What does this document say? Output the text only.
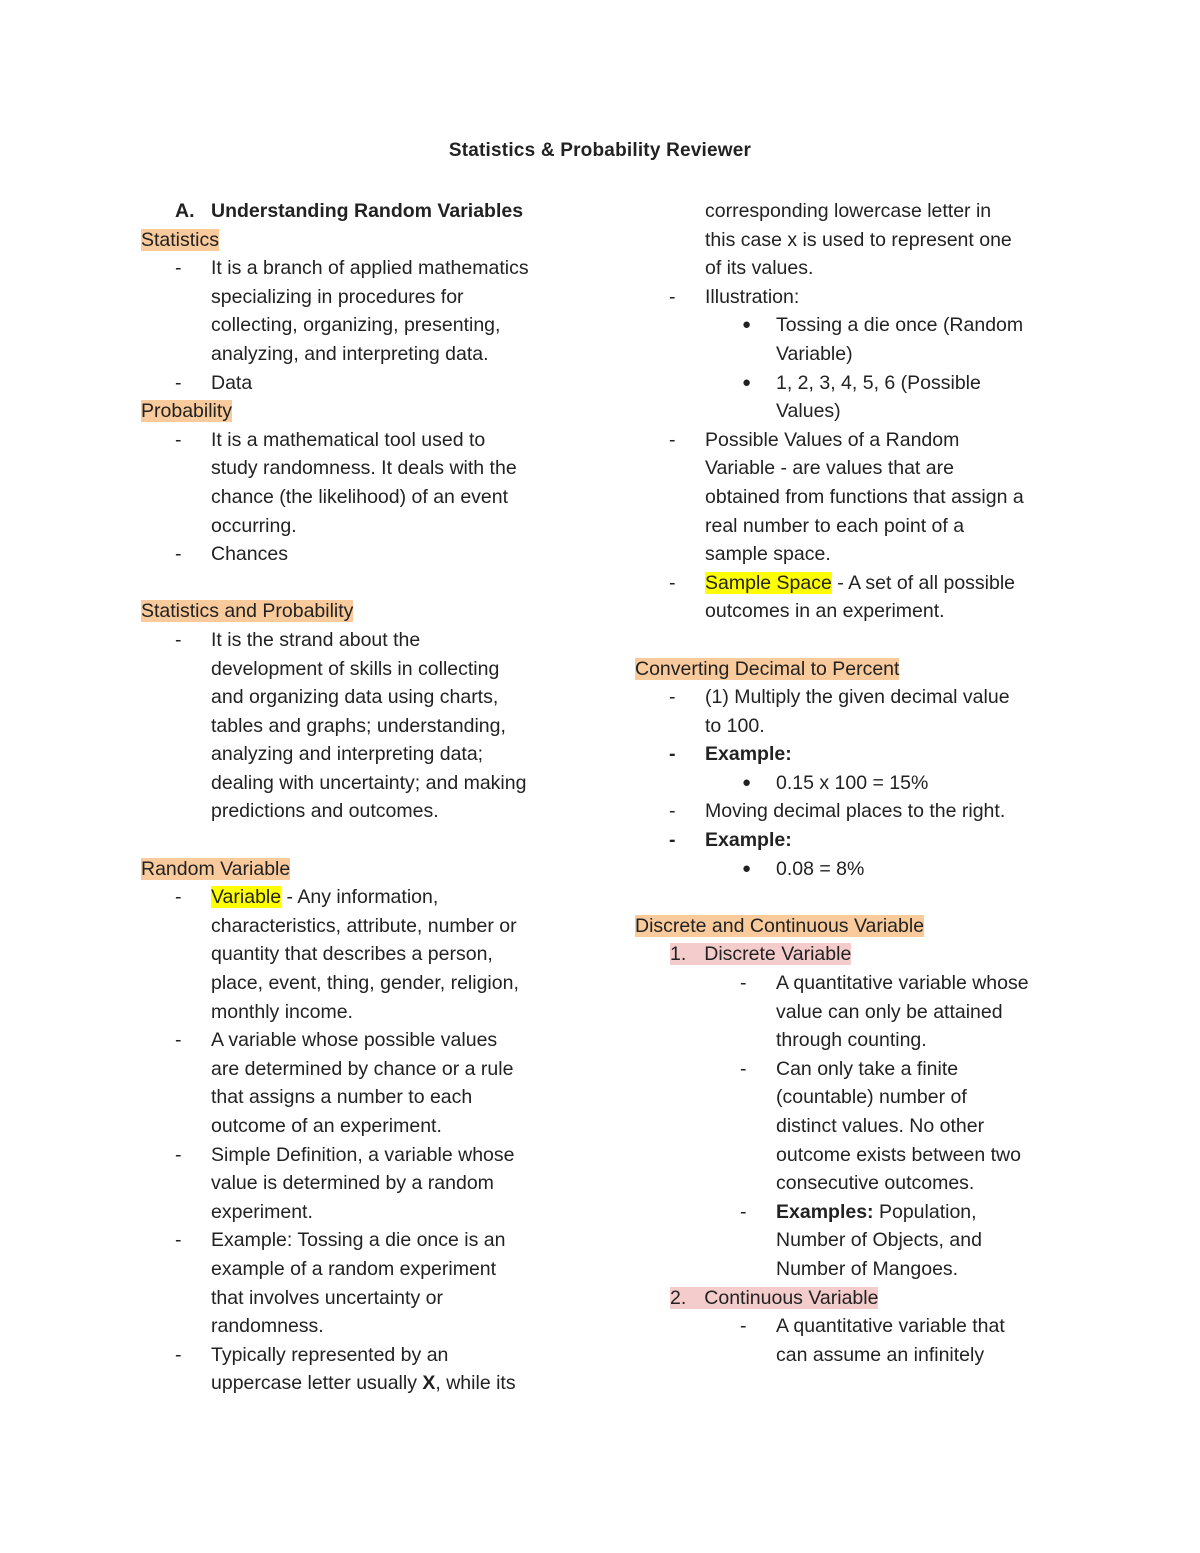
Statistics & Probability Reviewer
A. Understanding Random Variables
Statistics
- It is a branch of applied mathematics
specializing in procedures for
collecting, organizing, presenting,
analyzing, and interpreting data.
- Data
Probability
- It is a mathematical tool used to
study randomness. It deals with the
chance (the likelihood) of an event
occurring.
- Chances
Statistics and Probability
- It is the strand about the
development of skills in collecting
and organizing data using charts,
tables and graphs; understanding,
analyzing and interpreting data;
dealing with uncertainty; and making
predictions and outcomes.
Random Variable
- Variable - Any information,
characteristics, attribute, number or
quantity that describes a person,
place, event, thing, gender, religion,
monthly income.
- A variable whose possible values
are determined by chance or a rule
that assigns a number to each
outcome of an experiment.
- Simple Definition, a variable whose
value is determined by a random
experiment.
- Example: Tossing a die once is an
example of a random experiment
that involves uncertainty or
randomness.
- Typically represented by an
uppercase letter usually X, while its
corresponding lowercase letter in
this case x is used to represent one
of its values.
- Illustration:
● Tossing a die once (Random
Variable)
● 1, 2, 3, 4, 5, 6 (Possible
Values)
- Possible Values of a Random
Variable - are values that are
obtained from functions that assign a
real number to each point of a
sample space.
- Sample Space - A set of all possible
outcomes in an experiment.
Converting Decimal to Percent
- (1) Multiply the given decimal value
to 100.
- Example:
● 0.15 x 100 = 15%
- Moving decimal places to the right.
- Example:
● 0.08 = 8%
Discrete and Continuous Variable
1. Discrete Variable
- A quantitative variable whose
value can only be attained
through counting.
- Can only take a finite
(countable) number of
distinct values. No other
outcome exists between two
consecutive outcomes.
- Examples: Population,
Number of Objects, and
Number of Mangoes.
2. Continuous Variable
- A quantitative variable that
can assume an infinitely
